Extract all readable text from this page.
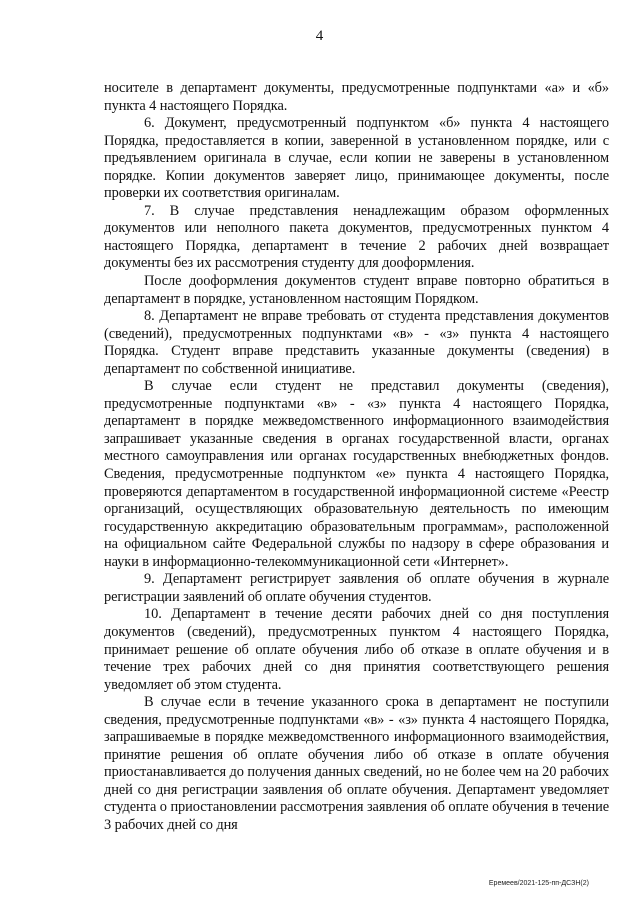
4

носителе в департамент документы, предусмотренные подпунктами «а» и «б» пункта 4 настоящего Порядка.

6. Документ, предусмотренный подпунктом «б» пункта 4 настоящего Порядка, предоставляется в копии, заверенной в установленном порядке, или с предъявлением оригинала в случае, если копии не заверены в установленном порядке. Копии документов заверяет лицо, принимающее документы, после проверки их соответствия оригиналам.

7. В случае представления ненадлежащим образом оформленных документов или неполного пакета документов, предусмотренных пунктом 4 настоящего Порядка, департамент в течение 2 рабочих дней возвращает документы без их рассмотрения студенту для дооформления.

После дооформления документов студент вправе повторно обратиться в департамент в порядке, установленном настоящим Порядком.

8. Департамент не вправе требовать от студента представления документов (сведений), предусмотренных подпунктами «в» - «з» пункта 4 настоящего Порядка. Студент вправе представить указанные документы (сведения) в департамент по собственной инициативе.

В случае если студент не представил документы (сведения), предусмотренные подпунктами «в» - «з» пункта 4 настоящего Порядка, департамент в порядке межведомственного информационного взаимодействия запрашивает указанные сведения в органах государственной власти, органах местного самоуправления или органах государственных внебюджетных фондов. Сведения, предусмотренные подпунктом «е» пункта 4 настоящего Порядка, проверяются департаментом в государственной информационной системе «Реестр организаций, осуществляющих образовательную деятельность по имеющим государственную аккредитацию образовательным программам», расположенной на официальном сайте Федеральной службы по надзору в сфере образования и науки в информационно-телекоммуникационной сети «Интернет».

9. Департамент регистрирует заявления об оплате обучения в журнале регистрации заявлений об оплате обучения студентов.

10. Департамент в течение десяти рабочих дней со дня поступления документов (сведений), предусмотренных пунктом 4 настоящего Порядка, принимает решение об оплате обучения либо об отказе в оплате обучения и в течение трех рабочих дней со дня принятия соответствующего решения уведомляет об этом студента.

В случае если в течение указанного срока в департамент не поступили сведения, предусмотренные подпунктами «в» - «з» пункта 4 настоящего Порядка, запрашиваемые в порядке межведомственного информационного взаимодействия, принятие решения об оплате обучения либо об отказе в оплате обучения приостанавливается до получения данных сведений, но не более чем на 20 рабочих дней со дня регистрации заявления об оплате обучения. Департамент уведомляет студента о приостановлении рассмотрения заявления об оплате обучения в течение 3 рабочих дней со дня

Еремеев/2021-125-пп-ДСЗН(2)
